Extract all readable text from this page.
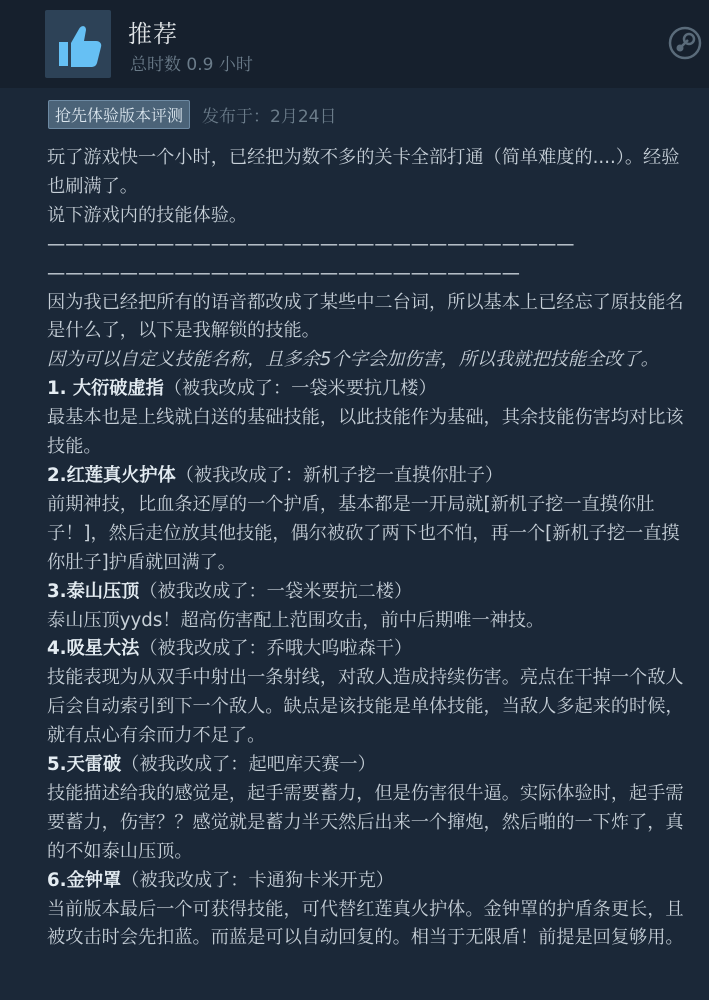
推荐
总时数 0.9 小时
抢先体验版本评测	发布于：2月24日

玩了游戏快一个小时，已经把为数不多的关卡全部打通（简单难度的....）。经验也刷满了。

说下游戏内的技能体验。

—————————————————————————————

——————————————————————————

因为我已经把所有的语音都改成了某些中二台词，所以基本上已经忘了原技能名是什么了，以下是我解锁的技能。

因为可以自定义技能名称，且多余5个字会加伤害，所以我就把技能全改了。

1. 大衍破虚指（被我改成了：一袋米要抗几楼）

最基本也是上线就白送的基础技能，以此技能作为基础，其余技能伤害均对比该技能。

2.红莲真火护体（被我改成了：新机子挖一直摸你肚子）

前期神技，比血条还厚的一个护盾，基本都是一开局就[新机子挖一直摸你肚子！]，然后走位放其他技能，偶尔被砍了两下也不怕，再一个[新机子挖一直摸你肚子]护盾就回满了。

3.泰山压顶（被我改成了：一袋米要抗二楼）

泰山压顶yyds！超高伤害配上范围攻击，前中后期唯一神技。

4.吸星大法（被我改成了：乔哦大呜啦森干）

技能表现为从双手中射出一条射线，对敌人造成持续伤害。亮点在干掉一个敌人后会自动索引到下一个敌人。缺点是该技能是单体技能，当敌人多起来的时候，就有点心有余而力不足了。

5.天雷破（被我改成了：起吧库天赛一）

技能描述给我的感觉是，起手需要蓄力，但是伤害很牛逼。实际体验时，起手需要蓄力，伤害？？感觉就是蓄力半天然后出来一个撺炮，然后啪的一下炸了，真的不如泰山压顶。

6.金钟罩（被我改成了：卡通狗卡米开克）

当前版本最后一个可获得技能，可代替红莲真火护体。金钟罩的护盾条更长，且被攻击时会先扣蓝。而蓝是可以自动回复的。相当于无限盾！前提是回复够用。
